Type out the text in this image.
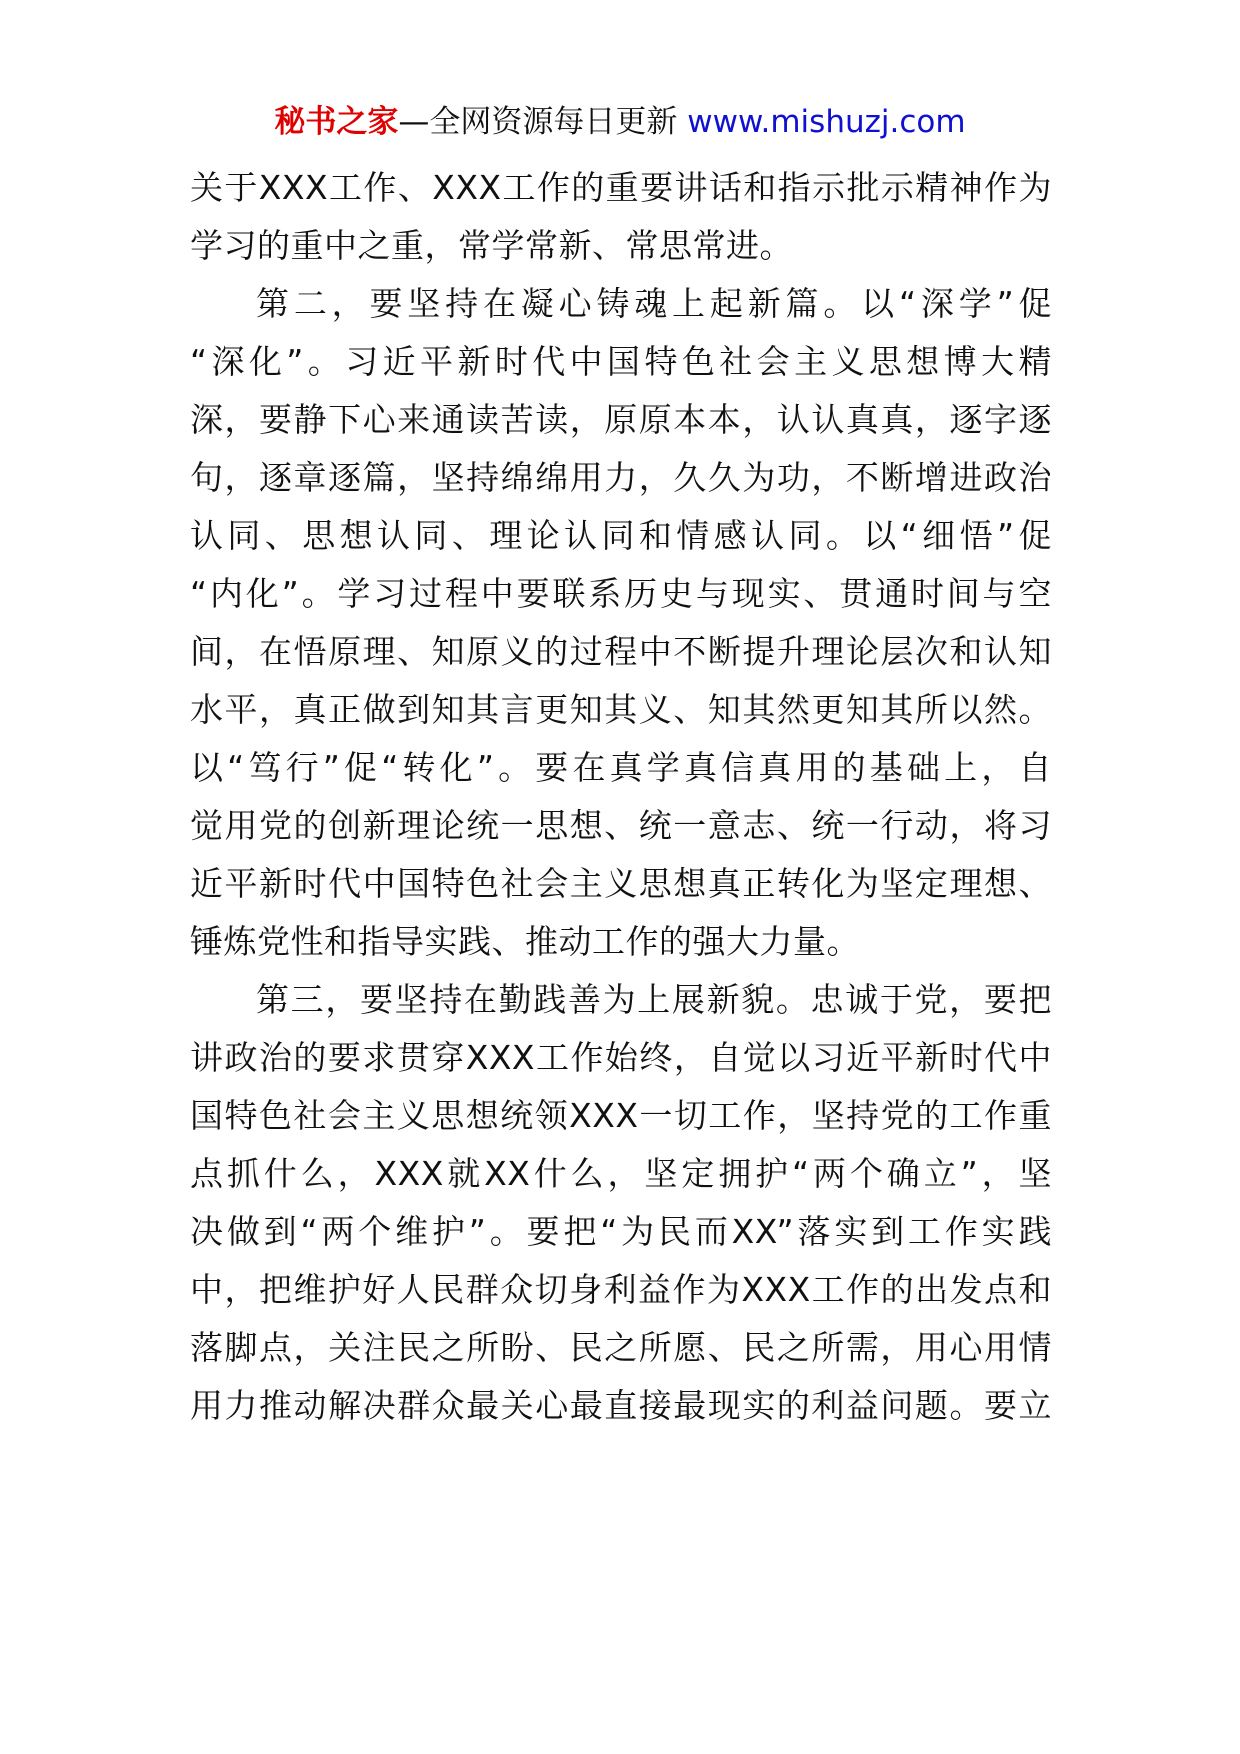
秘书之家—全网资源每日更新 www.mishuzj.com
关于XXX工作、XXX工作的重要讲话和指示批示精神作为
学习的重中之重，常学常新、常思常进。
第二，要坚持在凝心铸魂上起新篇。以“深学”促
“深化”。习近平新时代中国特色社会主义思想博大精
深，要静下心来通读苦读，原原本本，认认真真，逐字逐
句，逐章逐篇，坚持绵绵用力，久久为功，不断增进政治
认同、思想认同、理论认同和情感认同。以“细悟”促
“内化”。学习过程中要联系历史与现实、贯通时间与空
间，在悟原理、知原义的过程中不断提升理论层次和认知
水平，真正做到知其言更知其义、知其然更知其所以然。
以“笃行”促“转化”。要在真学真信真用的基础上，自
觉用党的创新理论统一思想、统一意志、统一行动，将习
近平新时代中国特色社会主义思想真正转化为坚定理想、
锤炼党性和指导实践、推动工作的强大力量。
第三，要坚持在勤践善为上展新貌。忠诚于党，要把
讲政治的要求贯穿XXX工作始终，自觉以习近平新时代中
国特色社会主义思想统领XXX一切工作，坚持党的工作重
点抓什么，XXX就XX什么，坚定拥护“两个确立”，坚
决做到“两个维护”。要把“为民而XX”落实到工作实践
中，把维护好人民群众切身利益作为XXX工作的出发点和
落脚点，关注民之所盼、民之所愿、民之所需，用心用情
用力推动解决群众最关心最直接最现实的利益问题。要立
